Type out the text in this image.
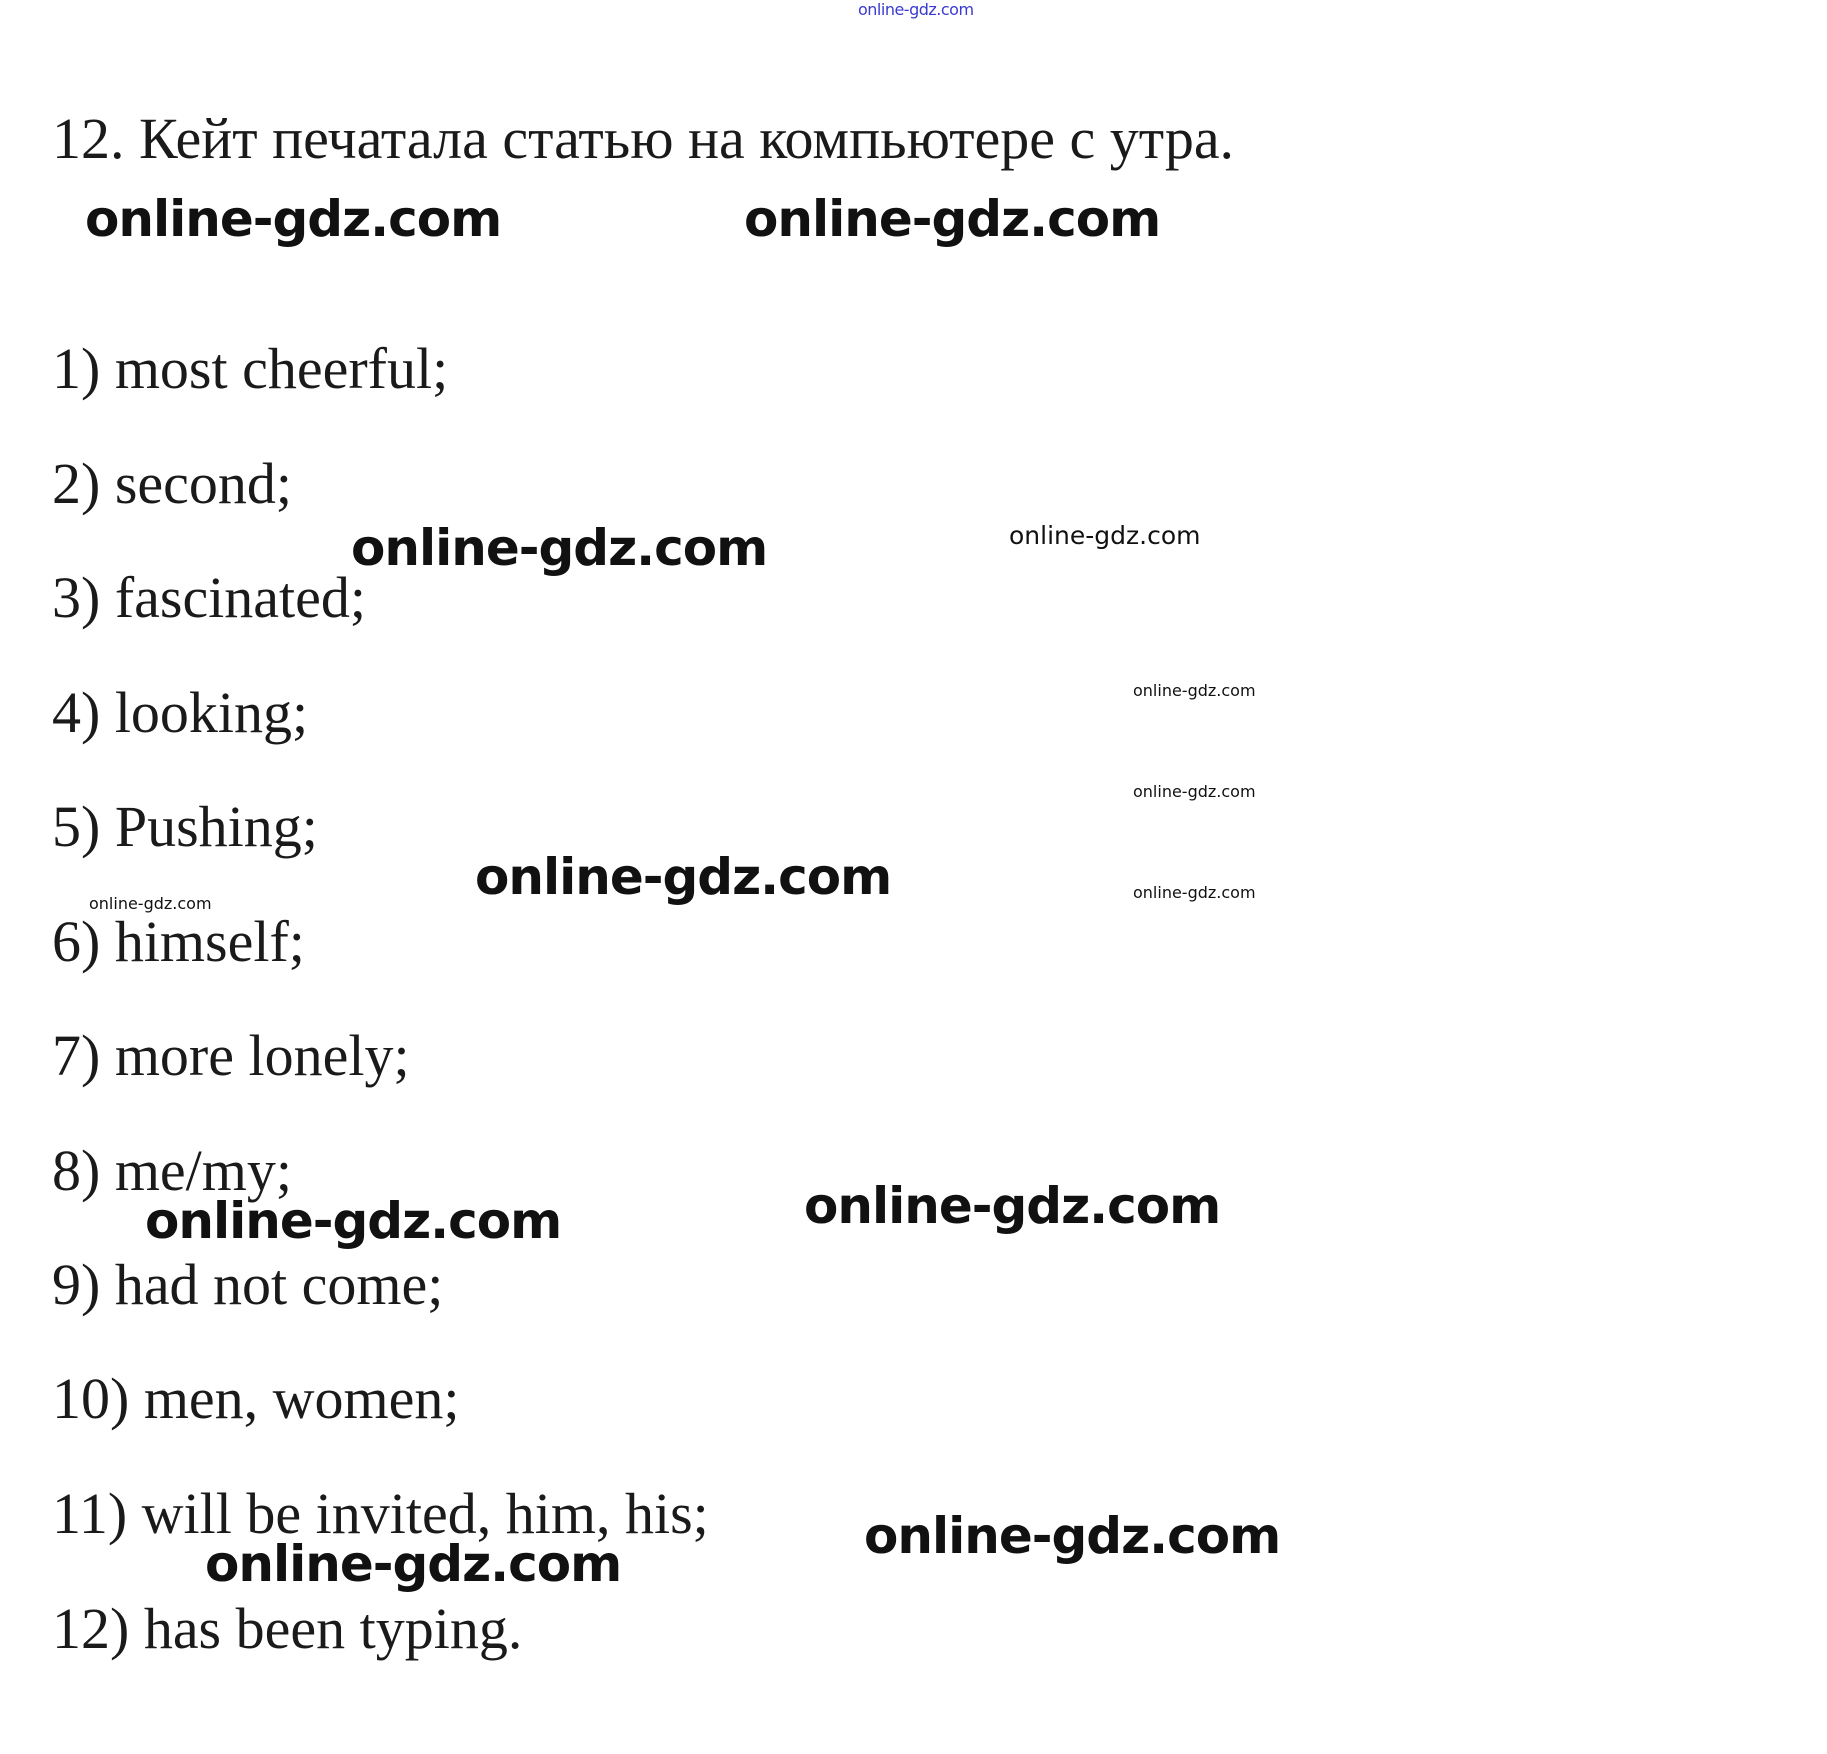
online-gdz.com
12. Кейт печатала статью на компьютере с утра.
1) most cheerful;
2) second;
3) fascinated;
4) looking;
5) Pushing;
6) himself;
7) more lonely;
8) me/my;
9) had not come;
10) men, women;
11) will be invited, him, his;
12) has been typing.
online-gdz.com	online-gdz.com
online-gdz.com	online-gdz.com
online-gdz.com
online-gdz.com
online-gdz.com	online-gdz.com
online-gdz.com
online-gdz.com
online-gdz.com
online-gdz.com
online-gdz.com
